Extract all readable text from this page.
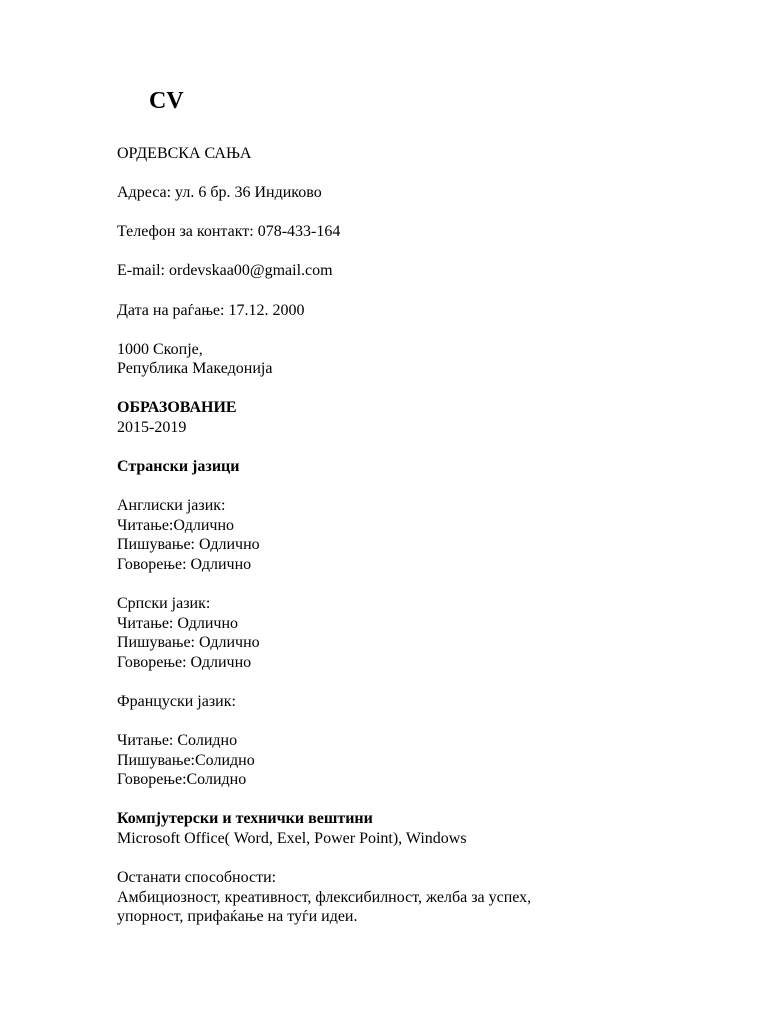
CV
ОРДЕВСКА САЊА
Адреса: ул. 6 бр. 36 Индиково
Телефон за контакт: 078-433-164
E-mail: ordevskaa00@gmail.com
Дата на раѓање: 17.12. 2000
1000 Скопје,
Република Македонија
ОБРАЗОВАНИЕ
2015-2019
Странски јазици
Англиски јазик:
Читање:Одлично
Пишување: Одлично
Говорење: Одлично
Српски јазик:
Читање: Одлично
Пишување: Одлично
Говорење: Одлично
Француски јазик:
Читање: Солидно
Пишување:Солидно
Говорење:Солидно
Компјутерски и технички вештини
Microsoft Office( Word, Exel, Power Point), Windows
Останати способности:
Амбициозност, креативност, флексибилност, желба за успех,
упорност, прифаќање на туѓи идеи.
